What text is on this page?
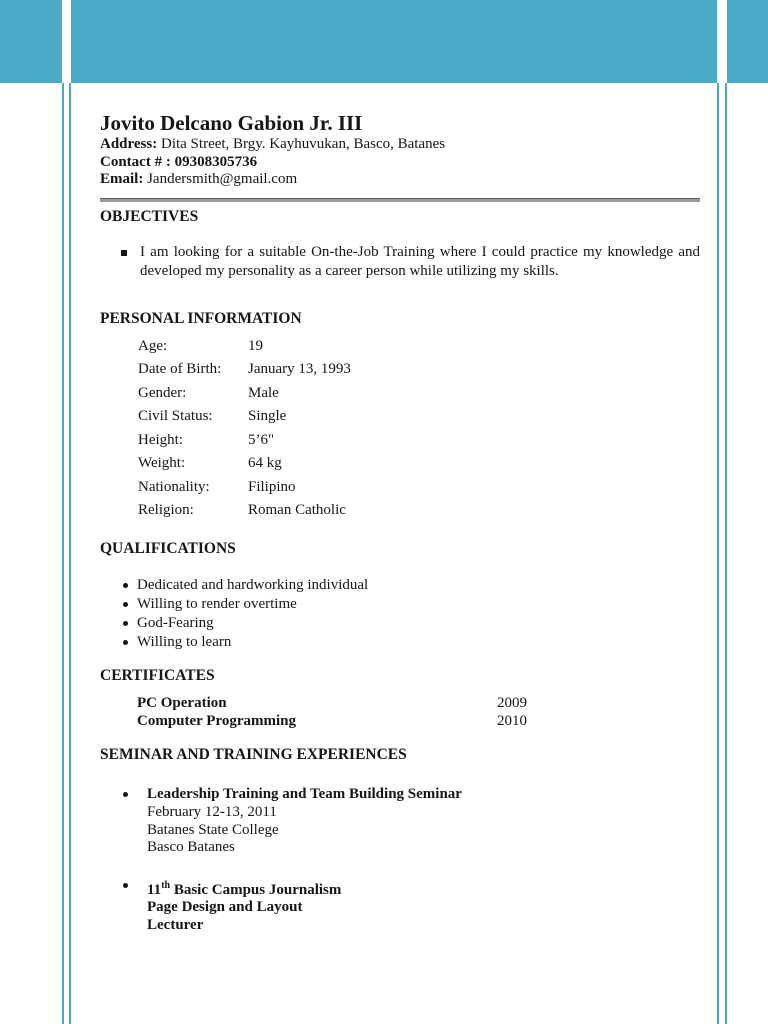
Jovito Delcano Gabion Jr. III
Address: Dita Street, Brgy. Kayhuvukan, Basco, Batanes
Contact # : 09308305736
Email: Jandersmith@gmail.com
OBJECTIVES
I am looking for a suitable On-the-Job Training where I could practice my knowledge and developed my personality as a career person while utilizing my skills.
PERSONAL INFORMATION
Age:	19
Date of Birth:	January 13, 1993
Gender:	Male
Civil Status:	Single
Height:	5’6"
Weight:	64 kg
Nationality:	Filipino
Religion:	Roman Catholic
QUALIFICATIONS
Dedicated and hardworking individual
Willing to render overtime
God-Fearing
Willing to learn
CERTIFICATES
PC Operation	2009
Computer Programming	2010
SEMINAR AND TRAINING EXPERIENCES
Leadership Training and Team Building Seminar
February 12-13, 2011
Batanes State College
Basco Batanes
11th Basic Campus Journalism
Page Design and Layout
Lecturer
